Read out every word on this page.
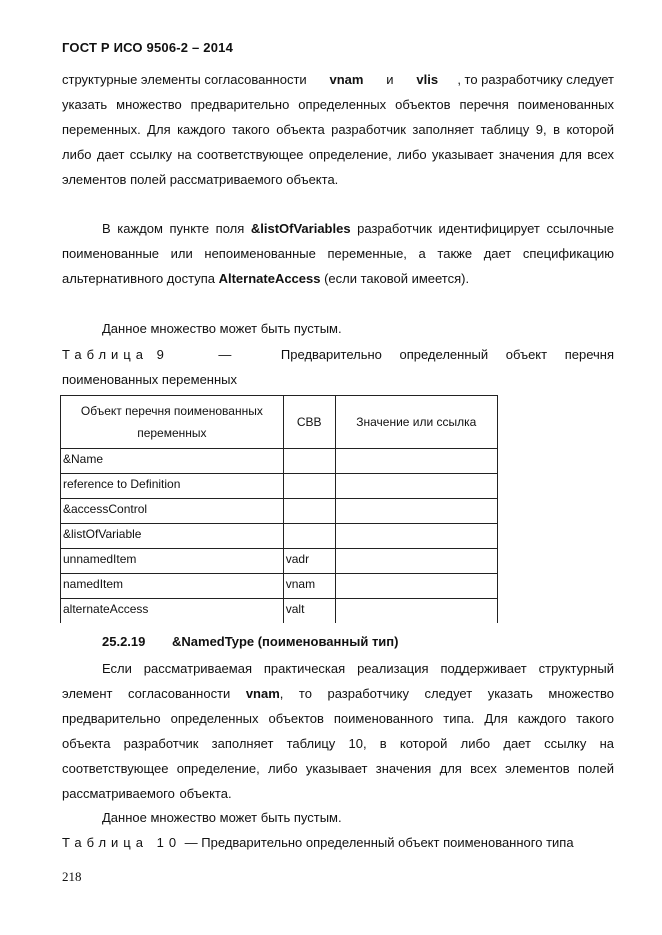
ГОСТ Р ИСО 9506-2 – 2014
структурные элементы согласованности vnam и vlis , то разработчику следует

указать множество предварительно определенных объектов перечня поименованных переменных. Для каждого такого объекта разработчик заполняет таблицу 9, в которой либо дает ссылку на соответствующее определение, либо указывает значения для всех элементов полей рассматриваемого объекта.

В каждом пункте поля &listOfVariables разработчик идентифицирует ссылочные поименованные или непоименованные переменные, а также дает спецификацию альтернативного доступа AlternateAccess (если таковой имеется).

Данное множество может быть пустым.
Таблица 9	—	Предварительно определенный объект перечня
поименованных переменных
Объект перечня поименованных переменных	СВВ	Значение или ссылка
&Name		
reference to Definition		
&accessControl		
&listOfVariable		
unnamedItem	vadr	
namedItem	vnam	
alternateAccess	valt	
25.2.19 &NamedType (поименованный тип)

Если рассматриваемая практическая реализация поддерживает структурный элемент согласованности vnam, то разработчику следует указать множество предварительно определенных объектов поименованного типа. Для каждого такого объекта разработчик заполняет таблицу 10, в которой либо дает ссылку на соответствующее определение, либо указывает значения для всех элементов полей рассматриваемого объекта.

Данное множество может быть пустым.
Таблица 10 — Предварительно определенный объект поименованного типа
218
